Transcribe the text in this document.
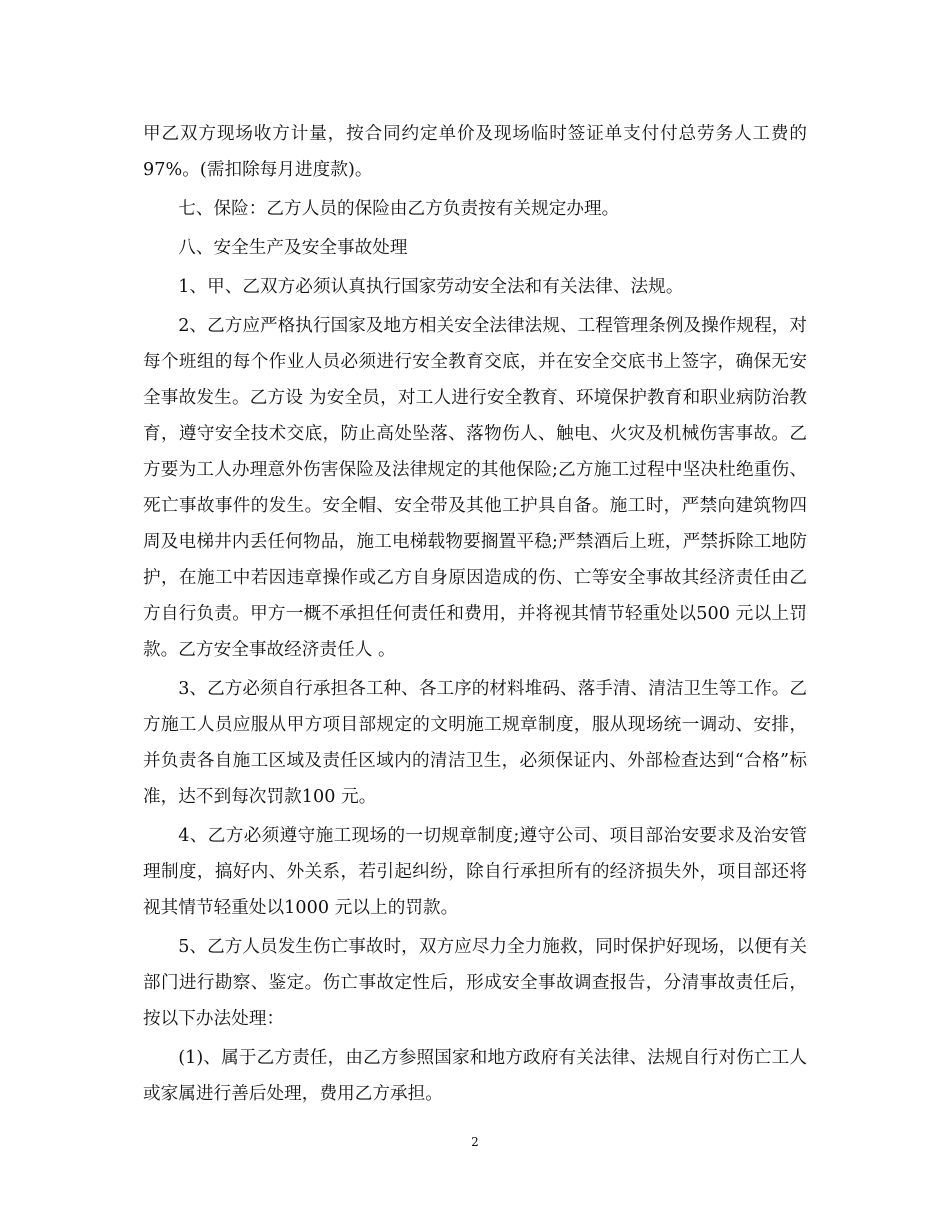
甲乙双方现场收方计量，按合同约定单价及现场临时签证单支付付总劳务人工费的97%。(需扣除每月进度款)。

七、保险：乙方人员的保险由乙方负责按有关规定办理。

八、安全生产及安全事故处理

1、甲、乙双方必须认真执行国家劳动安全法和有关法律、法规。

2、乙方应严格执行国家及地方相关安全法律法规、工程管理条例及操作规程，对每个班组的每个作业人员必须进行安全教育交底，并在安全交底书上签字，确保无安全事故发生。乙方设 为安全员，对工人进行安全教育、环境保护教育和职业病防治教育，遵守安全技术交底，防止高处坠落、落物伤人、触电、火灾及机械伤害事故。乙方要为工人办理意外伤害保险及法律规定的其他保险;乙方施工过程中坚决杜绝重伤、死亡事故事件的发生。安全帽、安全带及其他工护具自备。施工时，严禁向建筑物四周及电梯井内丢任何物品，施工电梯载物要搁置平稳;严禁酒后上班，严禁拆除工地防护，在施工中若因违章操作或乙方自身原因造成的伤、亡等安全事故其经济责任由乙方自行负责。甲方一概不承担任何责任和费用，并将视其情节轻重处以500 元以上罚款。乙方安全事故经济责任人 。

3、乙方必须自行承担各工种、各工序的材料堆码、落手清、清洁卫生等工作。乙方施工人员应服从甲方项目部规定的文明施工规章制度，服从现场统一调动、安排，并负责各自施工区域及责任区域内的清洁卫生，必须保证内、外部检查达到“合格”标准，达不到每次罚款100 元。

4、乙方必须遵守施工现场的一切规章制度;遵守公司、项目部治安要求及治安管理制度，搞好内、外关系，若引起纠纷，除自行承担所有的经济损失外，项目部还将视其情节轻重处以1000 元以上的罚款。

5、乙方人员发生伤亡事故时，双方应尽力全力施救，同时保护好现场，以便有关部门进行勘察、鉴定。伤亡事故定性后，形成安全事故调查报告，分清事故责任后，按以下办法处理：

(1)、属于乙方责任，由乙方参照国家和地方政府有关法律、法规自行对伤亡工人或家属进行善后处理，费用乙方承担。

2
